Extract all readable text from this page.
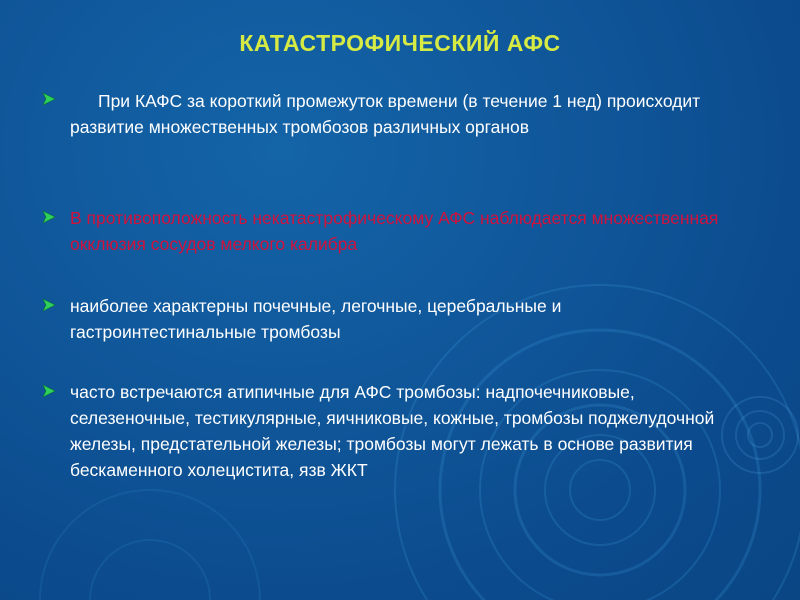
КАТАСТРОФИЧЕСКИЙ АФС
При КАФС за короткий промежуток времени (в течение 1 нед) происходит развитие множественных тромбозов различных органов
В противоположность некатастрофическому АФС наблюдается множественная окклюзия сосудов мелкого калибра
наиболее характерны почечные, легочные, церебральные и гастроинтестинальные тромбозы
часто встречаются атипичные для АФС тромбозы: надпочечниковые, селезеночные, тестикулярные, яичниковые, кожные, тромбозы поджелудочной железы, предстательной железы; тромбозы могут лежать в основе развития бескаменного холецистита, язв ЖКТ
